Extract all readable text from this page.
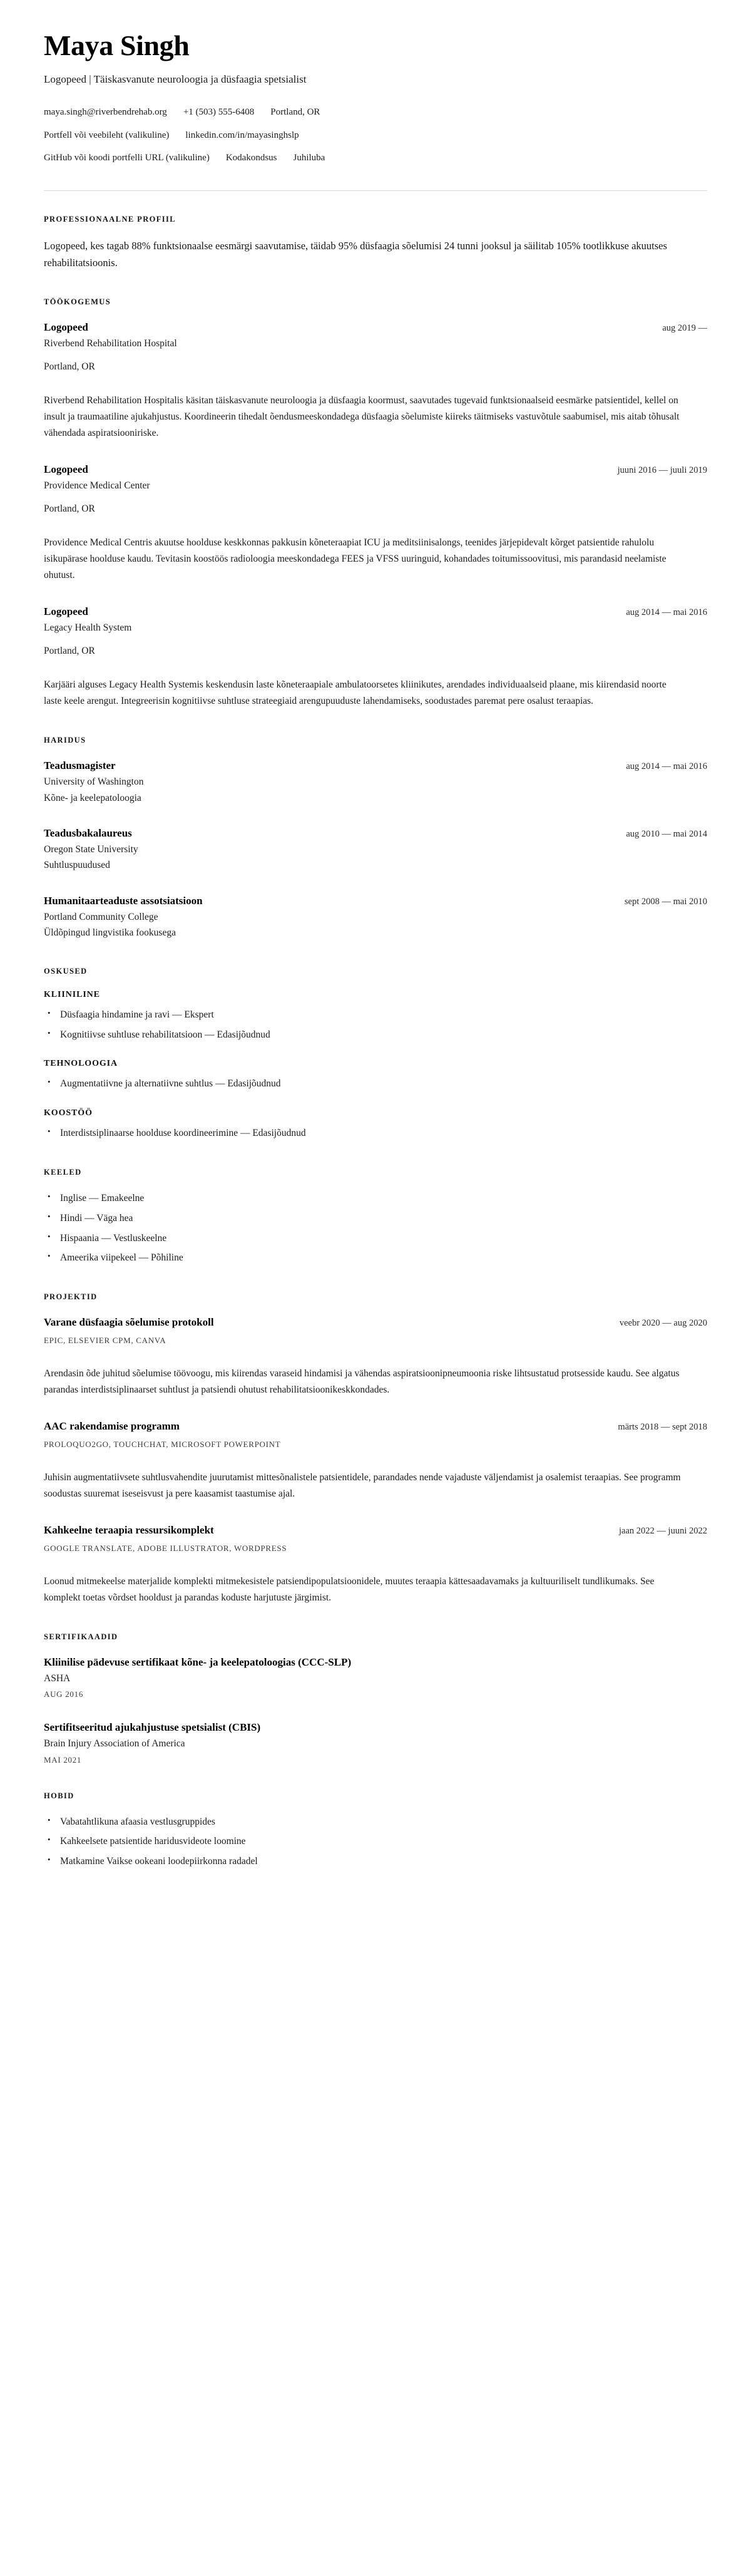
Maya Singh

Logopeed | Täiskasvanute neuroloogia ja düsfaagia spetsialist

maya.singh@riverbendrehab.org +1 (503) 555-6408 Portland, OR
Portfell või veebileht (valikuline) linkedin.com/in/mayasinghslp
GitHub või koodi portfelli URL (valikuline) Kodakondsus Juhiluba
PROFESSIONAALNE PROFIIL

Logopeed, kes tagab 88% funktsionaalse eesmärgi saavutamise, täidab 95% düsfaagia sõelumisi 24 tunni jooksul ja säilitab 105% tootlikkuse akuutses rehabilitatsioonis.

TÖÖKOGEMUS
Logopeed	aug 2019 —

Riverbend Rehabilitation Hospital

Portland, OR

Riverbend Rehabilitation Hospitalis käsitan täiskasvanute neuroloogia ja düsfaagia koormust, saavutades tugevaid funktsionaalseid eesmärke patsientidel, kellel on insult ja traumaatiline ajukahjustus. Koordineerin tihedalt õendusmeeskondadega düsfaagia sõelumiste kiireks täitmiseks vastuvõtule saabumisel, mis aitab tõhusalt vähendada aspiratsiooniriske.

Logopeed	juuni 2016 — juuli 2019

Providence Medical Center

Portland, OR

Providence Medical Centris akuutse hoolduse keskkonnas pakkusin kõneteraapiat ICU ja meditsiinisalongs, teenides järjepidevalt kõrget patsientide rahulolu isikupärase hoolduse kaudu. Tevitasin koostöös radioloogia meeskondadega FEES ja VFSS uuringuid, kohandades toitumissoovitusi, mis parandasid neelamiste ohutust.

Logopeed	aug 2014 — mai 2016

Legacy Health System

Portland, OR

Karjääri alguses Legacy Health Systemis keskendusin laste kõneteraapiale ambulatoorsetes kliinikutes, arendades individuaalseid plaane, mis kiirendasid noorte laste keele arengut. Integreerisin kognitiivse suhtluse strateegiaid arengupuuduste lahendamiseks, soodustades paremat pere osalust teraapias.

HARIDUS
Teadusmagister	aug 2014 — mai 2016

University of Washington

Kõne- ja keelepatoloogia

Teadusbakalaureus	aug 2010 — mai 2014

Oregon State University

Suhtluspuudused

Humanitaarteaduste assotsiatsioon	sept 2008 — mai 2010

Portland Community College

Üldõpingud lingvistika fookusega

OSKUSED
KLIINILINE
• Düsfaagia hindamine ja ravi — Ekspert
• Kognitiivse suhtluse rehabilitatsioon — Edasijõudnud
TEHNOLOOGIA
• Augmentatiivne ja alternatiivne suhtlus — Edasijõudnud
KOOSTÖÖ
• Interdistsiplinaarse hoolduse koordineerimine — Edasijõudnud
KEELED
• Inglise — Emakeelne
• Hindi — Väga hea
• Hispaania — Vestluskeelne
• Ameerika viipekeel — Põhiline
PROJEKTID
Varane düsfaagia sõelumise protokoll	veebr 2020 — aug 2020

EPIC, ELSEVIER CPM, CANVA

Arendasin õde juhitud sõelumise töövoogu, mis kiirendas varaseid hindamisi ja vähendas aspiratsioonipneumoonia riske lihtsustatud protsesside kaudu. See algatus parandas interdistsiplinaarset suhtlust ja patsiendi ohutust rehabilitatsioonikeskkondades.

AAC rakendamise programm	märts 2018 — sept 2018

PROLOQUO2GO, TOUCHCHAT, MICROSOFT POWERPOINT

Juhisin augmentatiivsete suhtlusvahendite juurutamist mittesõnalistele patsientidele, parandades nende vajaduste väljendamist ja osalemist teraapias. See programm soodustas suuremat iseseisvust ja pere kaasamist taastumise ajal.

Kahkeelne teraapia ressursikomplekt	jaan 2022 — juuni 2022

GOOGLE TRANSLATE, ADOBE ILLUSTRATOR, WORDPRESS

Loonud mitmekeelse materjalide komplekti mitmekesistele patsiendipopulatsioonidele, muutes teraapia kättesaadavamaks ja kultuuriliselt tundlikumaks. See komplekt toetas võrdset hooldust ja parandas koduste harjutuste järgimist.

SERTIFIKAADID
Kliinilise pädevuse sertifikaat kõne- ja keelepatoloogias (CCC-SLP)

ASHA

AUG 2016

Sertifitseeritud ajukahjustuse spetsialist (CBIS)

Brain Injury Association of America

MAI 2021

HOBID
• Vabatahtlikuna afaasia vestlusgruppides
• Kahkeelsete patsientide haridusvideote loomine
• Matkamine Vaikse ookeani loodepiirkonna radadel
